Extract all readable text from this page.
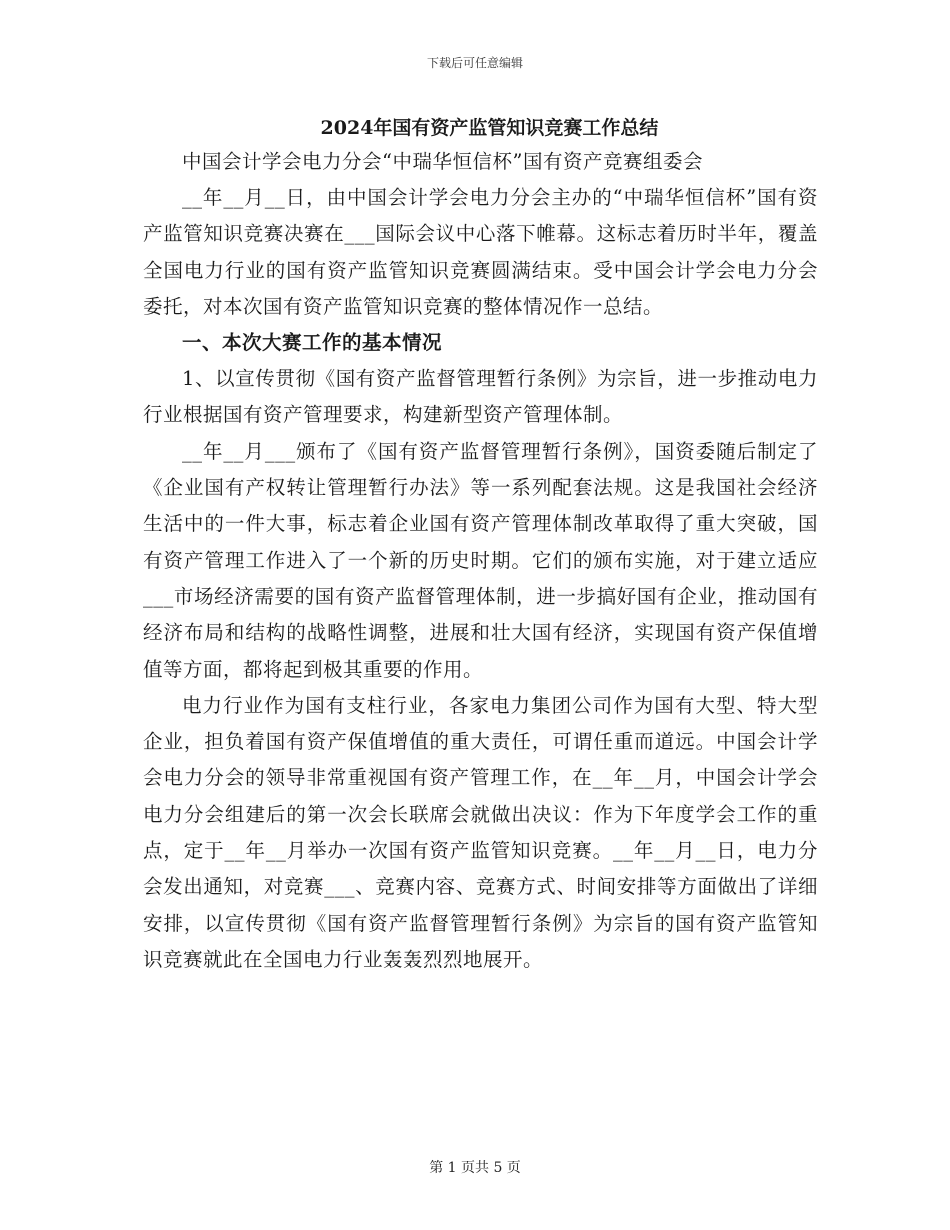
下载后可任意编辑
2024年国有资产监管知识竞赛工作总结

中国会计学会电力分会“中瑞华恒信杯”国有资产竞赛组委会

__年__月__日，由中国会计学会电力分会主办的“中瑞华恒信杯”国有资产监管知识竞赛决赛在___国际会议中心落下帷幕。这标志着历时半年，覆盖全国电力行业的国有资产监管知识竞赛圆满结束。受中国会计学会电力分会委托，对本次国有资产监管知识竞赛的整体情况作一总结。

一、本次大赛工作的基本情况

1、以宣传贯彻《国有资产监督管理暂行条例》为宗旨，进一步推动电力行业根据国有资产管理要求，构建新型资产管理体制。

__年__月___颁布了《国有资产监督管理暂行条例》，国资委随后制定了《企业国有产权转让管理暂行办法》等一系列配套法规。这是我国社会经济生活中的一件大事，标志着企业国有资产管理体制改革取得了重大突破，国有资产管理工作进入了一个新的历史时期。它们的颁布实施，对于建立适应___市场经济需要的国有资产监督管理体制，进一步搞好国有企业，推动国有经济布局和结构的战略性调整，进展和壮大国有经济，实现国有资产保值增值等方面，都将起到极其重要的作用。

电力行业作为国有支柱行业，各家电力集团公司作为国有大型、特大型企业，担负着国有资产保值增值的重大责任，可谓任重而道远。中国会计学会电力分会的领导非常重视国有资产管理工作，在__年__月，中国会计学会电力分会组建后的第一次会长联席会就做出决议：作为下年度学会工作的重点，定于__年__月举办一次国有资产监管知识竞赛。__年__月__日，电力分会发出通知，对竞赛___、竞赛内容、竞赛方式、时间安排等方面做出了详细安排，以宣传贯彻《国有资产监督管理暂行条例》为宗旨的国有资产监管知识竞赛就此在全国电力行业轰轰烈烈地展开。

第 1 页共 5 页
